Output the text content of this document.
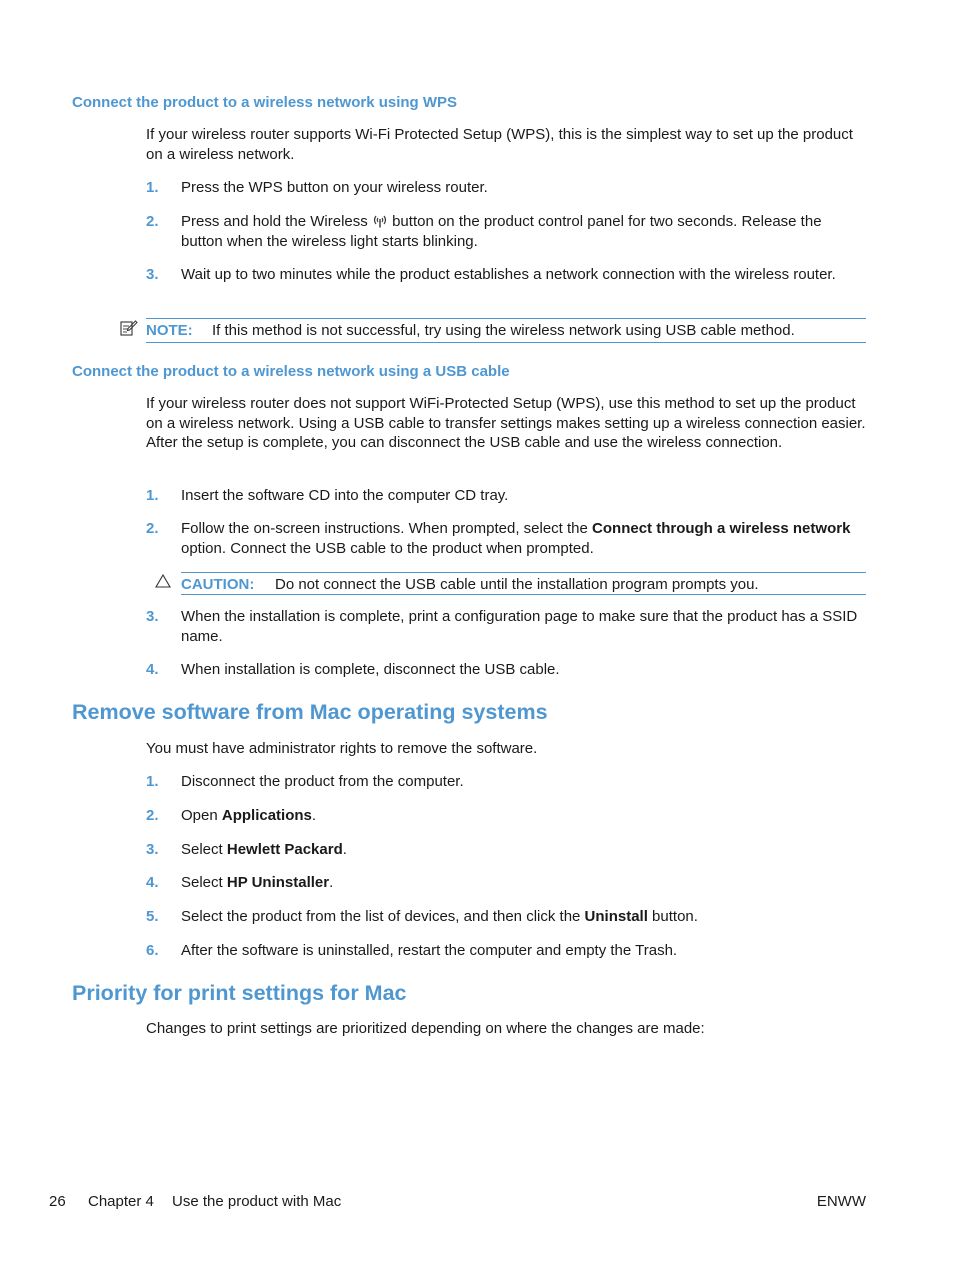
Connect the product to a wireless network using WPS

If your wireless router supports Wi-Fi Protected Setup (WPS), this is the simplest way to set up the product on a wireless network.

1. Press the WPS button on your wireless router.
2. Press and hold the Wireless  button on the product control panel for two seconds. Release the button when the wireless light starts blinking.
3. Wait up to two minutes while the product establishes a network connection with the wireless router.
NOTE: If this method is not successful, try using the wireless network using USB cable method.
Connect the product to a wireless network using a USB cable

If your wireless router does not support WiFi-Protected Setup (WPS), use this method to set up the product on a wireless network. Using a USB cable to transfer settings makes setting up a wireless connection easier. After the setup is complete, you can disconnect the USB cable and use the wireless connection.

1. Insert the software CD into the computer CD tray.
2. Follow the on-screen instructions. When prompted, select the Connect through a wireless network option. Connect the USB cable to the product when prompted.
CAUTION: Do not connect the USB cable until the installation program prompts you.
3. When the installation is complete, print a configuration page to make sure that the product has a SSID name.
4. When installation is complete, disconnect the USB cable.
Remove software from Mac operating systems

You must have administrator rights to remove the software.

1. Disconnect the product from the computer.
2. Open Applications.
3. Select Hewlett Packard.
4. Select HP Uninstaller.
5. Select the product from the list of devices, and then click the Uninstall button.
6. After the software is uninstalled, restart the computer and empty the Trash.
Priority for print settings for Mac

Changes to print settings are prioritized depending on where the changes are made:

26 Chapter 4 Use the product with Mac	ENWW
